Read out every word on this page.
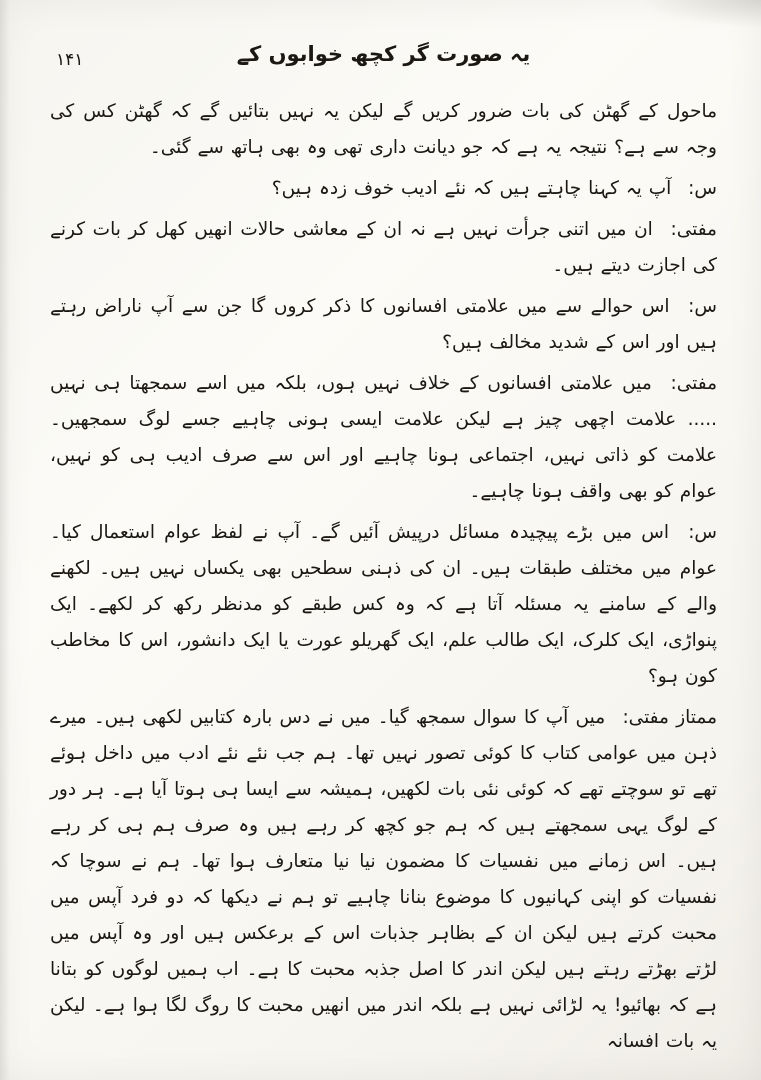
۱۴۱	یہ صورت گر کچھ خوابوں کے

ماحول کے گھٹن کی بات ضرور کریں گے لیکن یہ نہیں بتائیں گے کہ گھٹن کس کی وجہ سے ہے؟ نتیجہ یہ ہے کہ جو دیانت داری تھی وہ بھی ہاتھ سے گئی۔

س: آپ یہ کہنا چاہتے ہیں کہ نئے ادیب خوف زدہ ہیں؟

مفتی: ان میں اتنی جرأت نہیں ہے نہ ان کے معاشی حالات انھیں کھل کر بات کرنے کی اجازت دیتے ہیں۔

س: اس حوالے سے میں علامتی افسانوں کا ذکر کروں گا جن سے آپ ناراض رہتے ہیں اور اس کے شدید مخالف ہیں؟

مفتی: میں علامتی افسانوں کے خلاف نہیں ہوں، بلکہ میں اسے سمجھتا ہی نہیں ..... علامت اچھی چیز ہے لیکن علامت ایسی ہونی چاہیے جسے لوگ سمجھیں۔ علامت کو ذاتی نہیں، اجتماعی ہونا چاہیے اور اس سے صرف ادیب ہی کو نہیں، عوام کو بھی واقف ہونا چاہیے۔

س: اس میں بڑے پیچیدہ مسائل درپیش آئیں گے۔ آپ نے لفظ عوام استعمال کیا۔ عوام میں مختلف طبقات ہیں۔ ان کی ذہنی سطحیں بھی یکساں نہیں ہیں۔ لکھنے والے کے سامنے یہ مسئلہ آتا ہے کہ وہ کس طبقے کو مدنظر رکھ کر لکھے۔ ایک پنواڑی، ایک کلرک، ایک طالب علم، ایک گھریلو عورت یا ایک دانشور، اس کا مخاطب کون ہو؟

ممتاز مفتی: میں آپ کا سوال سمجھ گیا۔ میں نے دس بارہ کتابیں لکھی ہیں۔ میرے ذہن میں عوامی کتاب کا کوئی تصور نہیں تھا۔ ہم جب نئے نئے ادب میں داخل ہوئے تھے تو سوچتے تھے کہ کوئی نئی بات لکھیں، ہمیشہ سے ایسا ہی ہوتا آیا ہے۔ ہر دور کے لوگ یہی سمجھتے ہیں کہ ہم جو کچھ کر رہے ہیں وہ صرف ہم ہی کر رہے ہیں۔ اس زمانے میں نفسیات کا مضمون نیا نیا متعارف ہوا تھا۔ ہم نے سوچا کہ نفسیات کو اپنی کہانیوں کا موضوع بنانا چاہیے تو ہم نے دیکھا کہ دو فرد آپس میں محبت کرتے ہیں لیکن ان کے بظاہر جذبات اس کے برعکس ہیں اور وہ آپس میں لڑتے بھڑتے رہتے ہیں لیکن اندر کا اصل جذبہ محبت کا ہے۔ اب ہمیں لوگوں کو بتانا ہے کہ بھائیو! یہ لڑائی نہیں ہے بلکہ اندر میں انھیں محبت کا روگ لگا ہوا ہے۔ لیکن یہ بات افسانہ
